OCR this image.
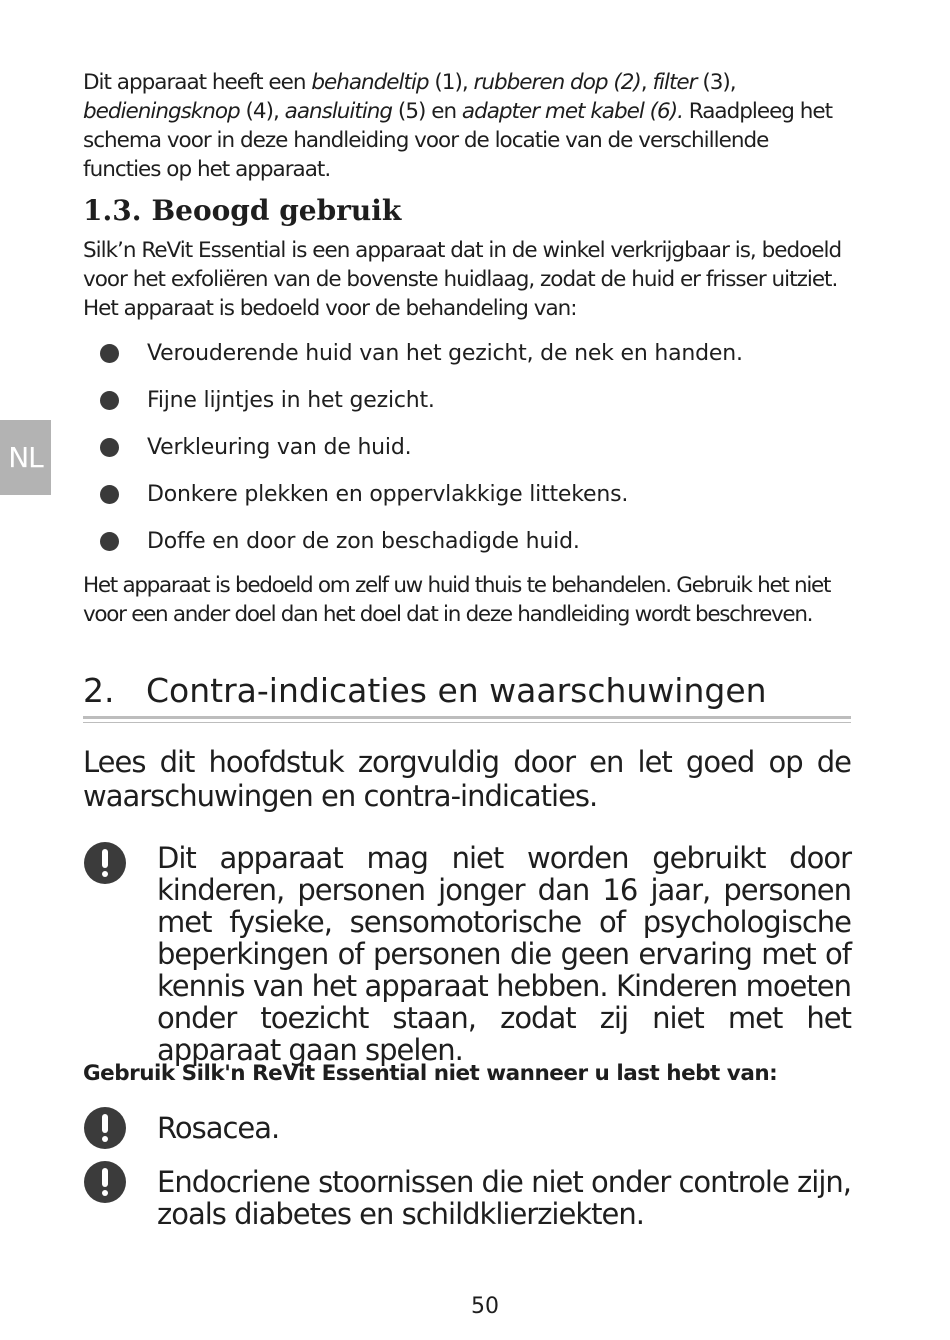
NL

Dit apparaat heeft een behandeltip (1), rubberen dop (2), filter (3), bedieningsknop (4), aansluiting (5) en adapter met kabel (6). Raadpleeg het schema voor in deze handleiding voor de locatie van de verschillende functies op het apparaat.

1.3. Beoogd gebruik

Silk’n ReVit Essential is een apparaat dat in de winkel verkrijgbaar is, bedoeld voor het exfoliëren van de bovenste huidlaag, zodat de huid er frisser uitziet. Het apparaat is bedoeld voor de behandeling van:

Verouderende huid van het gezicht, de nek en handen.
Fijne lijntjes in het gezicht.
Verkleuring van de huid.
Donkere plekken en oppervlakkige littekens.
Doffe en door de zon beschadigde huid.

Het apparaat is bedoeld om zelf uw huid thuis te behandelen. Gebruik het niet voor een ander doel dan het doel dat in deze handleiding wordt beschreven.

2. Contra-indicaties en waarschuwingen

Lees dit hoofdstuk zorgvuldig door en let goed op de waarschuwingen en contra-indicaties.

Dit apparaat mag niet worden gebruikt door kinderen, personen jonger dan 16 jaar, personen met fysieke, sensomotorische of psychologische beperkingen of personen die geen ervaring met of kennis van het apparaat hebben. Kinderen moeten onder toezicht staan, zodat zij niet met het apparaat gaan spelen.

Gebruik Silk'n ReVit Essential niet wanneer u last hebt van:

Rosacea.

Endocriene stoornissen die niet onder controle zijn, zoals diabetes en schildklierziekten.

50
